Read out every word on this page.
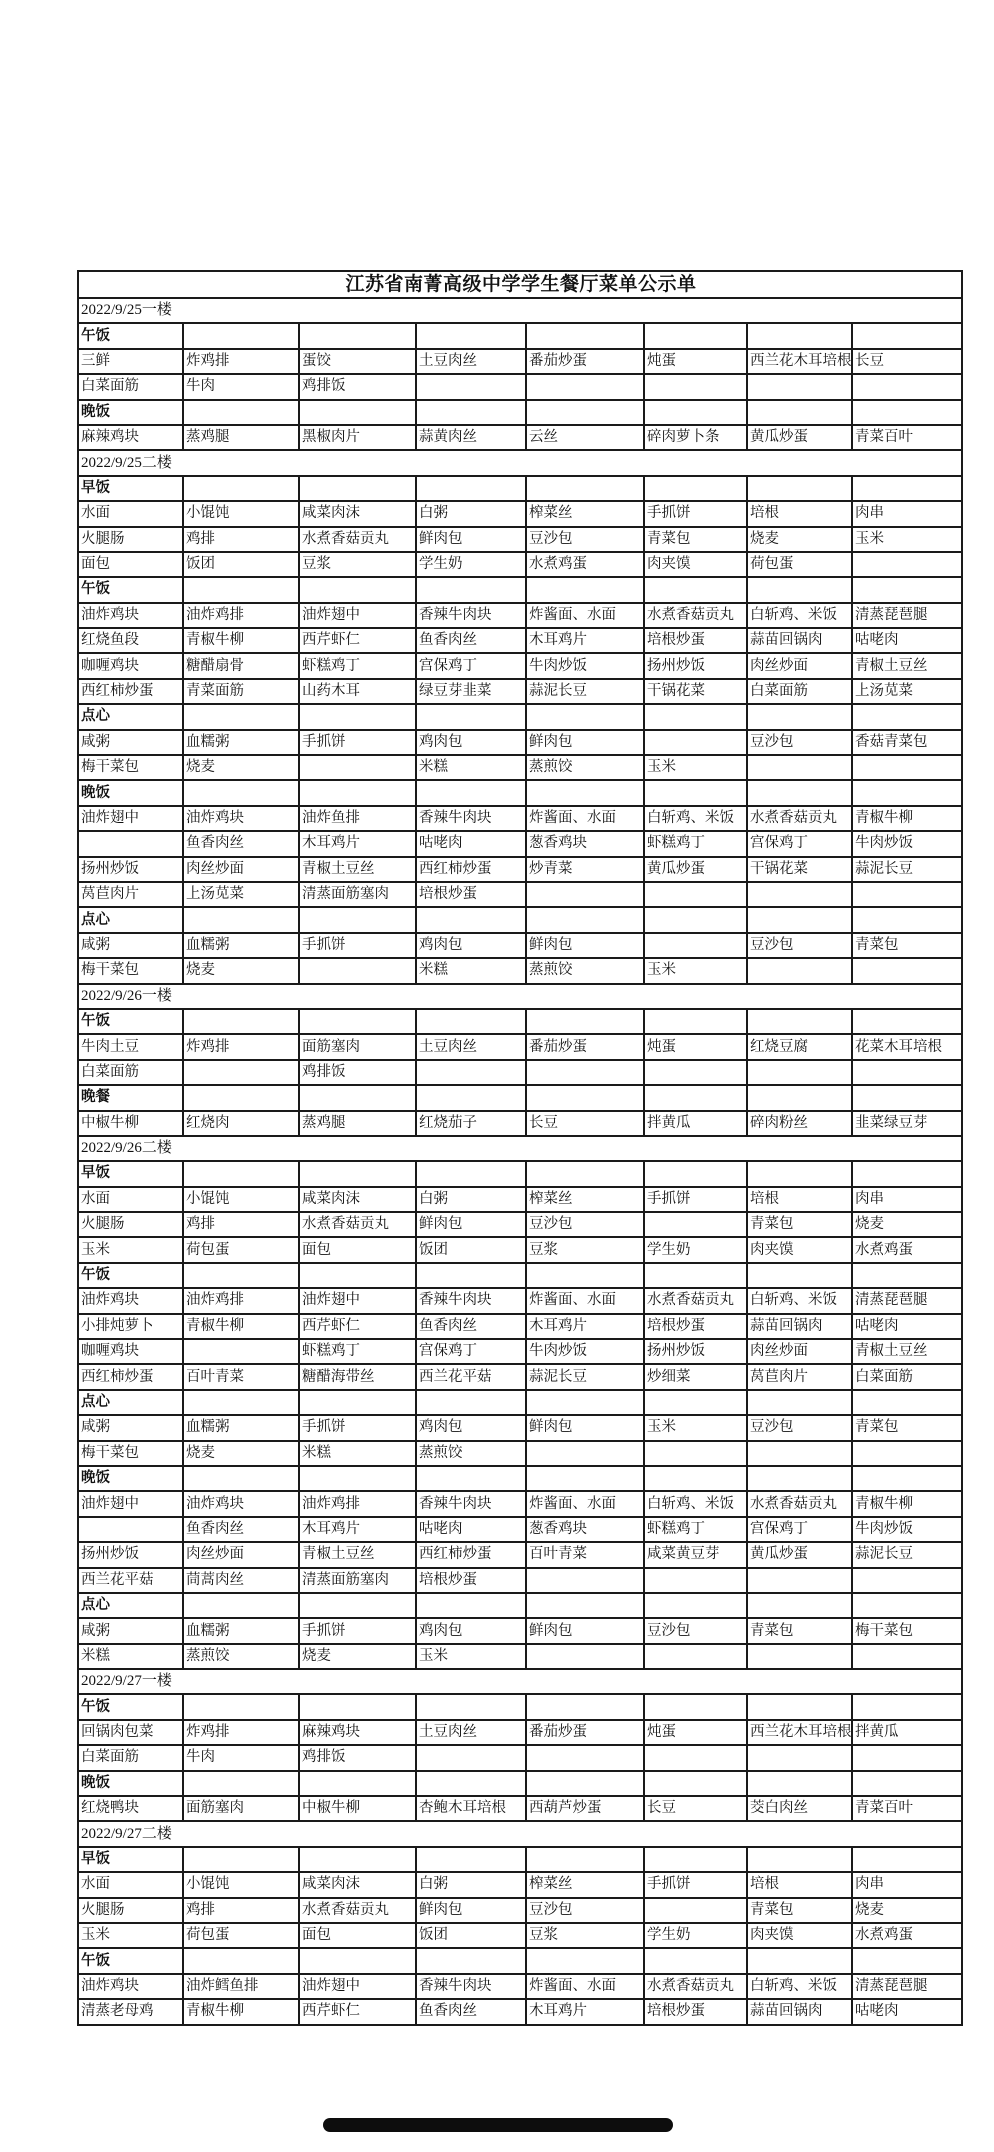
江苏省南菁高级中学学生餐厅菜单公示单							
2022/9/25一楼							
午饭							
三鲜	炸鸡排	蛋饺	土豆肉丝	番茄炒蛋	炖蛋	西兰花木耳培根	长豆
白菜面筋	牛肉	鸡排饭					
晚饭							
麻辣鸡块	蒸鸡腿	黑椒肉片	蒜黄肉丝	云丝	碎肉萝卜条	黄瓜炒蛋	青菜百叶
2022/9/25二楼							
早饭							
水面	小馄饨	咸菜肉沫	白粥	榨菜丝	手抓饼	培根	肉串
火腿肠	鸡排	水煮香菇贡丸	鲜肉包	豆沙包	青菜包	烧麦	玉米
面包	饭团	豆浆	学生奶	水煮鸡蛋	肉夹馍	荷包蛋	
午饭							
油炸鸡块	油炸鸡排	油炸翅中	香辣牛肉块	炸酱面、水面	水煮香菇贡丸	白斩鸡、米饭	清蒸琵琶腿
红烧鱼段	青椒牛柳	西芹虾仁	鱼香肉丝	木耳鸡片	培根炒蛋	蒜苗回锅肉	咕咾肉
咖喱鸡块	糖醋扇骨	虾糕鸡丁	宫保鸡丁	牛肉炒饭	扬州炒饭	肉丝炒面	青椒土豆丝
西红柿炒蛋	青菜面筋	山药木耳	绿豆芽韭菜	蒜泥长豆	干锅花菜	白菜面筋	上汤苋菜
点心							
咸粥	血糯粥	手抓饼	鸡肉包	鲜肉包		豆沙包	香菇青菜包
梅干菜包	烧麦		米糕	蒸煎饺	玉米		
晚饭							
油炸翅中	油炸鸡块	油炸鱼排	香辣牛肉块	炸酱面、水面	白斩鸡、米饭	水煮香菇贡丸	青椒牛柳
	鱼香肉丝	木耳鸡片	咕咾肉	葱香鸡块	虾糕鸡丁	宫保鸡丁	牛肉炒饭
扬州炒饭	肉丝炒面	青椒土豆丝	西红柿炒蛋	炒青菜	黄瓜炒蛋	干锅花菜	蒜泥长豆
莴苣肉片	上汤苋菜	清蒸面筋塞肉	培根炒蛋				
点心							
咸粥	血糯粥	手抓饼	鸡肉包	鲜肉包		豆沙包	青菜包
梅干菜包	烧麦		米糕	蒸煎饺	玉米		
2022/9/26一楼							
午饭							
牛肉土豆	炸鸡排	面筋塞肉	土豆肉丝	番茄炒蛋	炖蛋	红烧豆腐	花菜木耳培根
白菜面筋		鸡排饭					
晚餐							
中椒牛柳	红烧肉	蒸鸡腿	红烧茄子	长豆	拌黄瓜	碎肉粉丝	韭菜绿豆芽
2022/9/26二楼							
早饭							
水面	小馄饨	咸菜肉沫	白粥	榨菜丝	手抓饼	培根	肉串
火腿肠	鸡排	水煮香菇贡丸	鲜肉包	豆沙包		青菜包	烧麦
玉米	荷包蛋	面包	饭团	豆浆	学生奶	肉夹馍	水煮鸡蛋
午饭							
油炸鸡块	油炸鸡排	油炸翅中	香辣牛肉块	炸酱面、水面	水煮香菇贡丸	白斩鸡、米饭	清蒸琵琶腿
小排炖萝卜	青椒牛柳	西芹虾仁	鱼香肉丝	木耳鸡片	培根炒蛋	蒜苗回锅肉	咕咾肉
咖喱鸡块		虾糕鸡丁	宫保鸡丁	牛肉炒饭	扬州炒饭	肉丝炒面	青椒土豆丝
西红柿炒蛋	百叶青菜	糖醋海带丝	西兰花平菇	蒜泥长豆	炒细菜	莴苣肉片	白菜面筋
点心							
咸粥	血糯粥	手抓饼	鸡肉包	鲜肉包	玉米	豆沙包	青菜包
梅干菜包	烧麦	米糕	蒸煎饺				
晚饭							
油炸翅中	油炸鸡块	油炸鸡排	香辣牛肉块	炸酱面、水面	白斩鸡、米饭	水煮香菇贡丸	青椒牛柳
	鱼香肉丝	木耳鸡片	咕咾肉	葱香鸡块	虾糕鸡丁	宫保鸡丁	牛肉炒饭
扬州炒饭	肉丝炒面	青椒土豆丝	西红柿炒蛋	百叶青菜	咸菜黄豆芽	黄瓜炒蛋	蒜泥长豆
西兰花平菇	茼蒿肉丝	清蒸面筋塞肉	培根炒蛋				
点心							
咸粥	血糯粥	手抓饼	鸡肉包	鲜肉包	豆沙包	青菜包	梅干菜包
米糕	蒸煎饺	烧麦	玉米				
2022/9/27一楼							
午饭							
回锅肉包菜	炸鸡排	麻辣鸡块	土豆肉丝	番茄炒蛋	炖蛋	西兰花木耳培根	拌黄瓜
白菜面筋	牛肉	鸡排饭					
晚饭							
红烧鸭块	面筋塞肉	中椒牛柳	杏鲍木耳培根	西葫芦炒蛋	长豆	茭白肉丝	青菜百叶
2022/9/27二楼							
早饭							
水面	小馄饨	咸菜肉沫	白粥	榨菜丝	手抓饼	培根	肉串
火腿肠	鸡排	水煮香菇贡丸	鲜肉包	豆沙包		青菜包	烧麦
玉米	荷包蛋	面包	饭团	豆浆	学生奶	肉夹馍	水煮鸡蛋
午饭							
油炸鸡块	油炸鳕鱼排	油炸翅中	香辣牛肉块	炸酱面、水面	水煮香菇贡丸	白斩鸡、米饭	清蒸琵琶腿
清蒸老母鸡	青椒牛柳	西芹虾仁	鱼香肉丝	木耳鸡片	培根炒蛋	蒜苗回锅肉	咕咾肉
